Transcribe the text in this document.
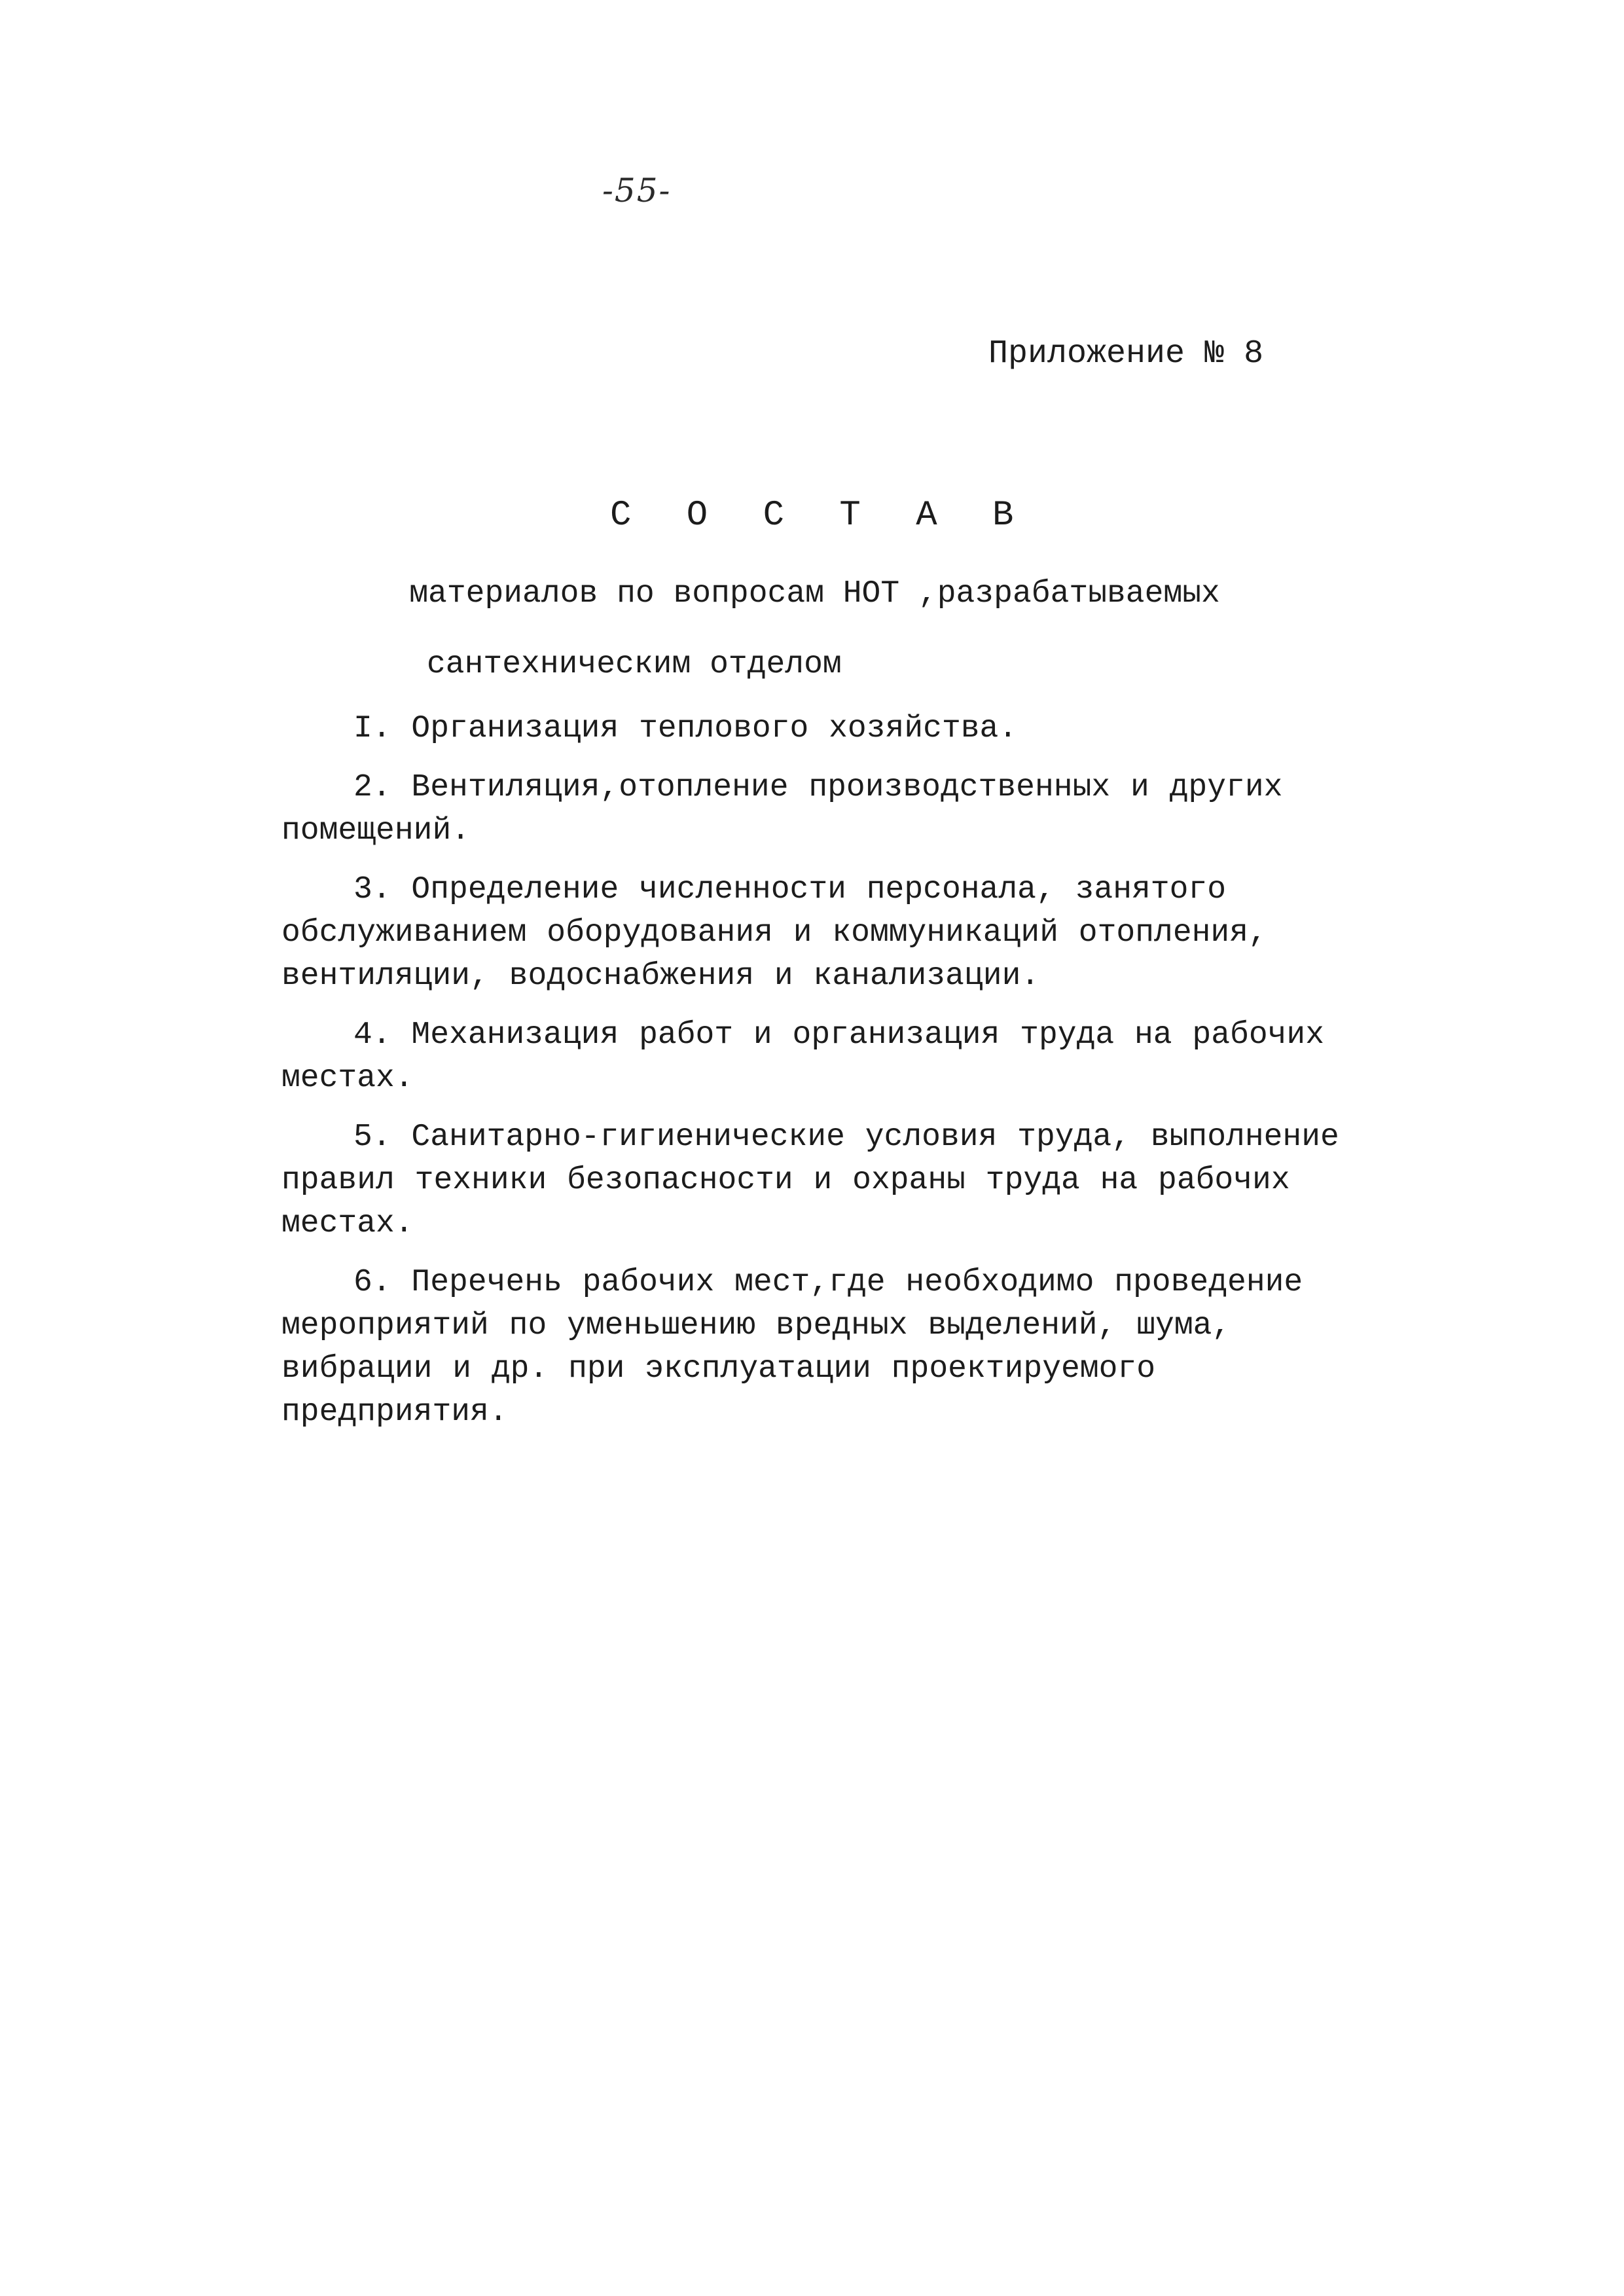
-55-
Приложение № 8
С О С Т А В

материалов по вопросам НОТ ,разрабатываемых

сантехническим отделом

I. Организация теплового хозяйства.

2. Вентиляция,отопление производственных и других помещений.

3. Определение численности персонала, занятого обслуживанием оборудования и коммуникаций отопления, вентиляции, водоснабжения и канализации.

4. Механизация работ и организация труда на рабочих местах.

5. Санитарно-гигиенические условия труда, выполнение правил техники безопасности и охраны труда на рабочих местах.

6. Перечень рабочих мест,где необходимо проведение мероприятий по уменьшению вредных выделений, шума, вибрации и др. при эксплуатации проектируемого предприятия.
